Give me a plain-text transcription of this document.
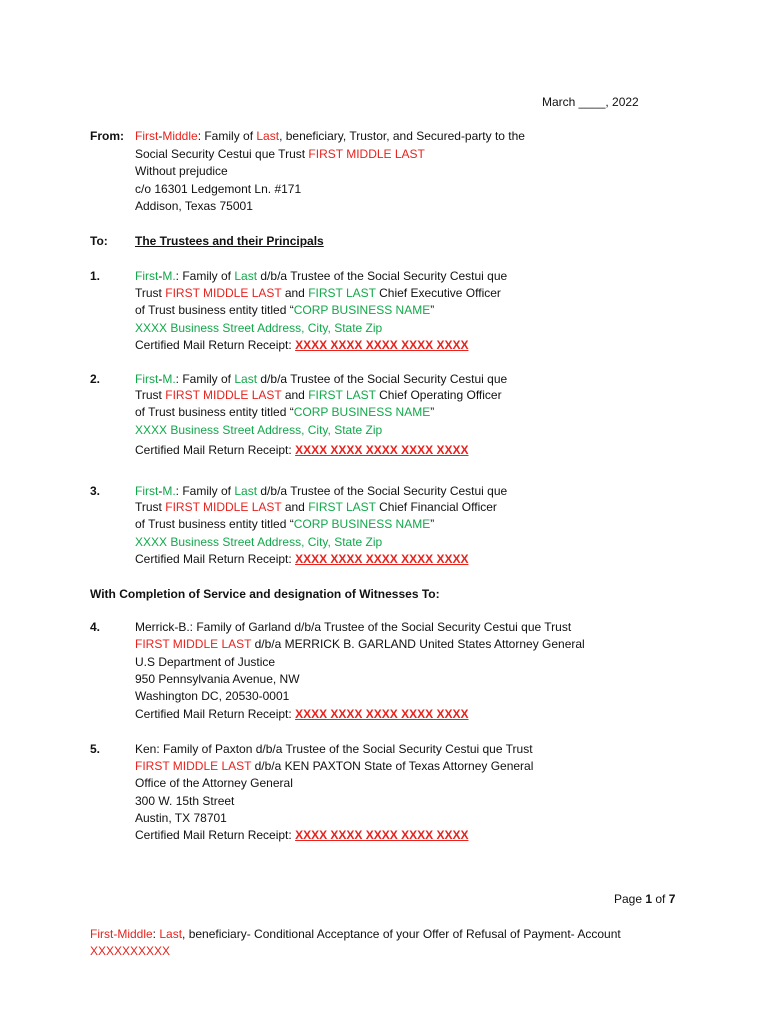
March ____, 2022
From: First-Middle: Family of Last, beneficiary, Trustor, and Secured-party to the
Social Security Cestui que Trust FIRST MIDDLE LAST
Without prejudice
c/o 16301 Ledgemont Ln. #171
Addison, Texas 75001
To: The Trustees and their Principals
1.	First-M.: Family of Last d/b/a Trustee of the Social Security Cestui que
Trust FIRST MIDDLE LAST and FIRST LAST Chief Executive Officer
of Trust business entity titled “CORP BUSINESS NAME”
XXXX Business Street Address, City, State Zip
Certified Mail Return Receipt: XXXX XXXX XXXX XXXX XXXX
2.	First-M.: Family of Last d/b/a Trustee of the Social Security Cestui que
Trust FIRST MIDDLE LAST and FIRST LAST Chief Operating Officer
of Trust business entity titled “CORP BUSINESS NAME”
XXXX Business Street Address, City, State Zip
Certified Mail Return Receipt: XXXX XXXX XXXX XXXX XXXX
3.	First-M.: Family of Last d/b/a Trustee of the Social Security Cestui que
Trust FIRST MIDDLE LAST and FIRST LAST Chief Financial Officer
of Trust business entity titled “CORP BUSINESS NAME”
XXXX Business Street Address, City, State Zip
Certified Mail Return Receipt: XXXX XXXX XXXX XXXX XXXX
With Completion of Service and designation of Witnesses To:
4.	Merrick-B.: Family of Garland d/b/a Trustee of the Social Security Cestui que Trust
FIRST MIDDLE LAST d/b/a MERRICK B. GARLAND United States Attorney General
U.S Department of Justice
950 Pennsylvania Avenue, NW
Washington DC, 20530-0001
Certified Mail Return Receipt: XXXX XXXX XXXX XXXX XXXX
5.	Ken: Family of Paxton d/b/a Trustee of the Social Security Cestui que Trust
FIRST MIDDLE LAST d/b/a KEN PAXTON State of Texas Attorney General
Office of the Attorney General
300 W. 15th Street
Austin, TX 78701
Certified Mail Return Receipt: XXXX XXXX XXXX XXXX XXXX
Page 1 of 7
First-Middle: Last, beneficiary- Conditional Acceptance of your Offer of Refusal of Payment- Account
XXXXXXXXXX
